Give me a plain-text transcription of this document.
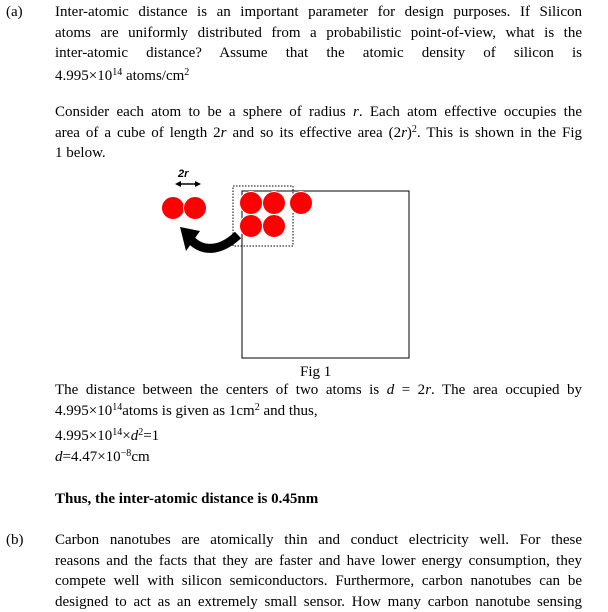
(a) Inter-atomic distance is an important parameter for design purposes. If Silicon
atoms are uniformly distributed from a probabilistic point-of-view, what is the
inter-atomic distance? Assume that the atomic density of silicon is
$4.995\times 10^{14}$ atoms/$cm^2$
Consider each atom to be a sphere of radius r. Each atom effective occupies the
area of a cube of length 2r and so its effective area $(2r)^2$. This is shown in the Fig
1 below.
2r
Fig 1
The distance between the centers of two atoms is d = 2r. The area occupied by
$4.995\times 10^{14}atoms$ is given as $1cm^2$ and thus,
$4.995\times 10^{14}\times d^2=1$
$d=4.47\times 10^{-8}cm$
Thus, the inter-atomic distance is 0.45nm
(b) Carbon nanotubes are atomically thin and conduct electricity well. For these
reasons and the facts that they are faster and have lower energy consumption, they
compete well with silicon semiconductors. Furthermore, carbon nanotubes can be
designed to act as an extremely small sensor. How many carbon nanotube sensing
